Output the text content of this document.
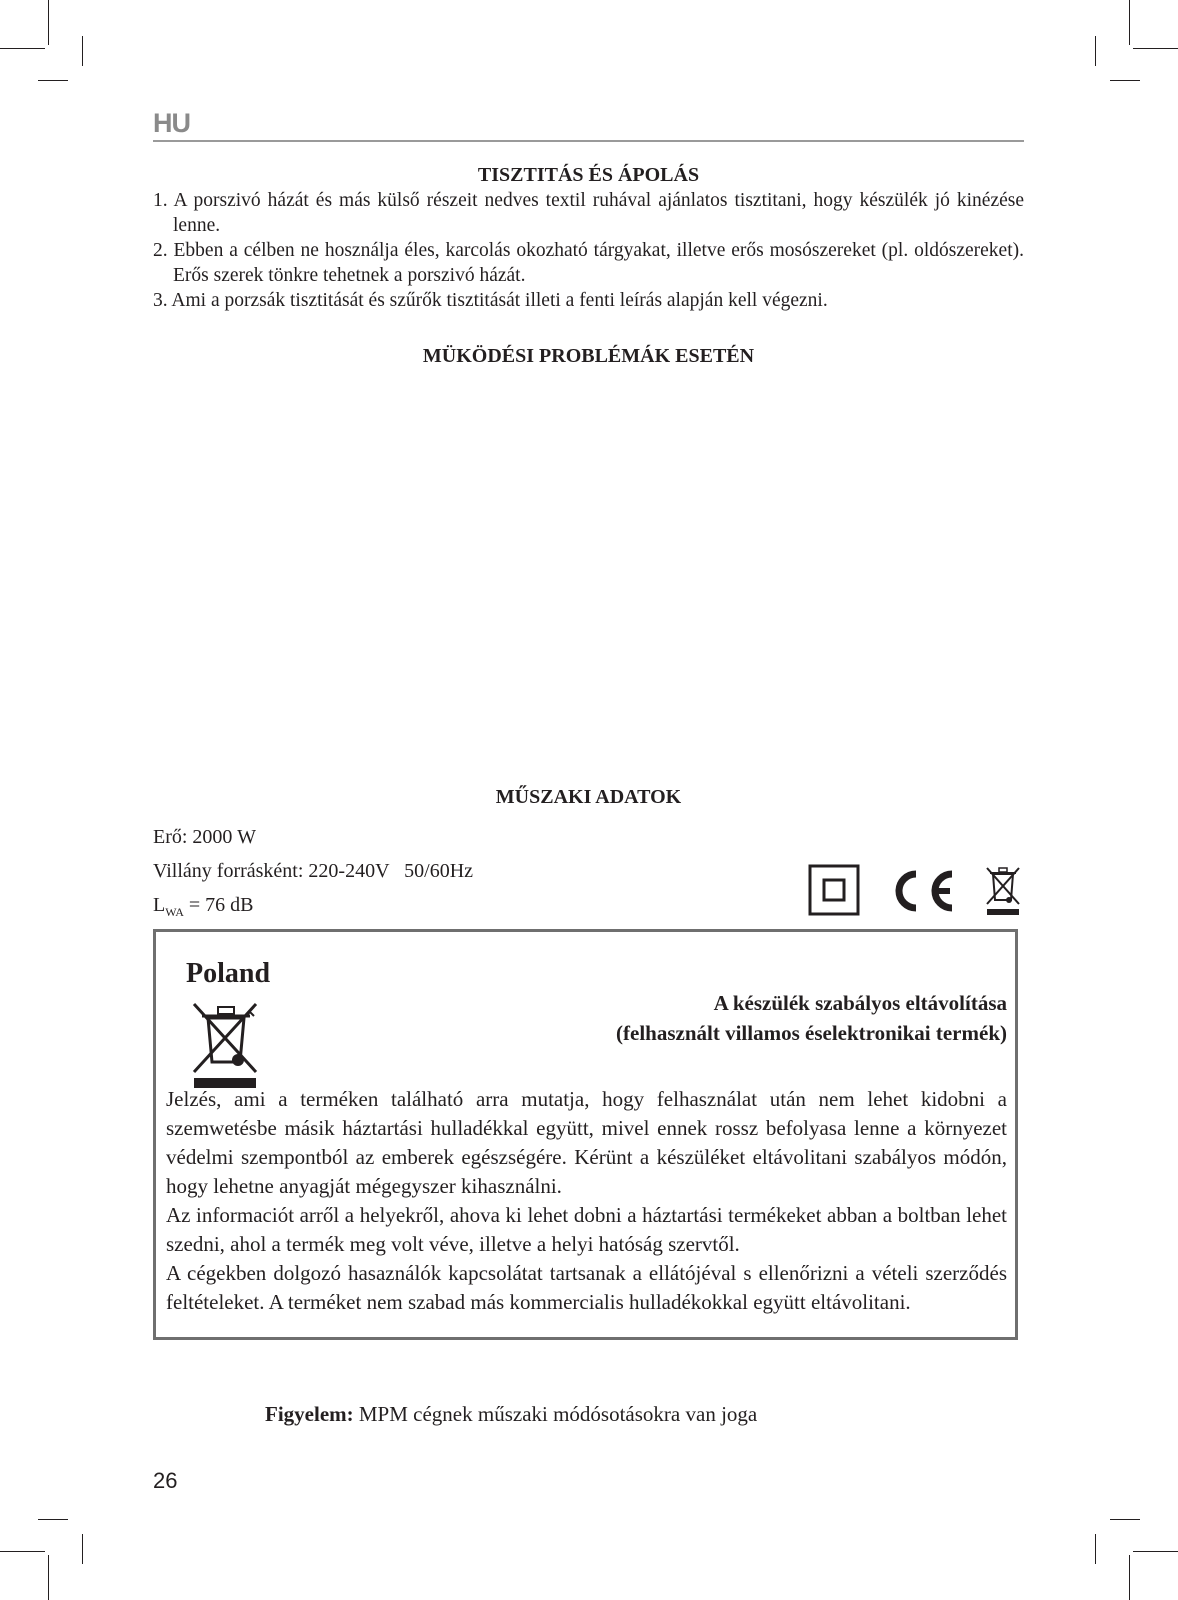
HU
TISZTITÁS ÉS ÁPOLÁS
1. A porszivó házát és más külső részeit nedves textil ruhával ajánlatos tisztitani, hogy készülék jó kinézése lenne.
2. Ebben a célben ne hosználja éles, karcolás okozható tárgyakat, illetve erős mosószereket (pl. oldószereket). Erős szerek tönkre tehetnek a porszivó házát.
3. Ami a porzsák tisztitását és szűrők tisztitását illeti a fenti leírás alapján kell végezni.
MÜKÖDÉSI PROBLÉMÁK ESETÉN
MŰSZAKI ADATOK
Erő: 2000 W
Villány forrásként: 220-240V   50/60Hz
$L_{WA} = 76$ dB
Poland
A készülék szabályos eltávolítása
(felhasznált villamos éselektronikai termék)

Jelzés, ami a terméken található arra mutatja, hogy felhasználat után nem lehet kidobni a szemwetésbe másik háztartási hulladékkal együtt, mivel ennek rossz befolyasa lenne a környezet védelmi szempontból az emberek egészségére. Kérünt a készüléket eltávolitani szabályos módón, hogy lehetne anyagját mégegyszer kihasználni.

Az informaciót arről a helyekről, ahova ki lehet dobni a háztartási termékeket abban a boltban lehet szedni, ahol a termék meg volt véve, illetve a helyi hatóság szervtől.

A cégekben dolgozó hasaználók kapcsolátat tartsanak a ellátójéval s ellenőrizni a vételi szerződés feltételeket. A terméket nem szabad más kommercialis hulladékokkal együtt eltávolitani.

Figyelem: MPM cégnek műszaki módósotásokra van joga
26
